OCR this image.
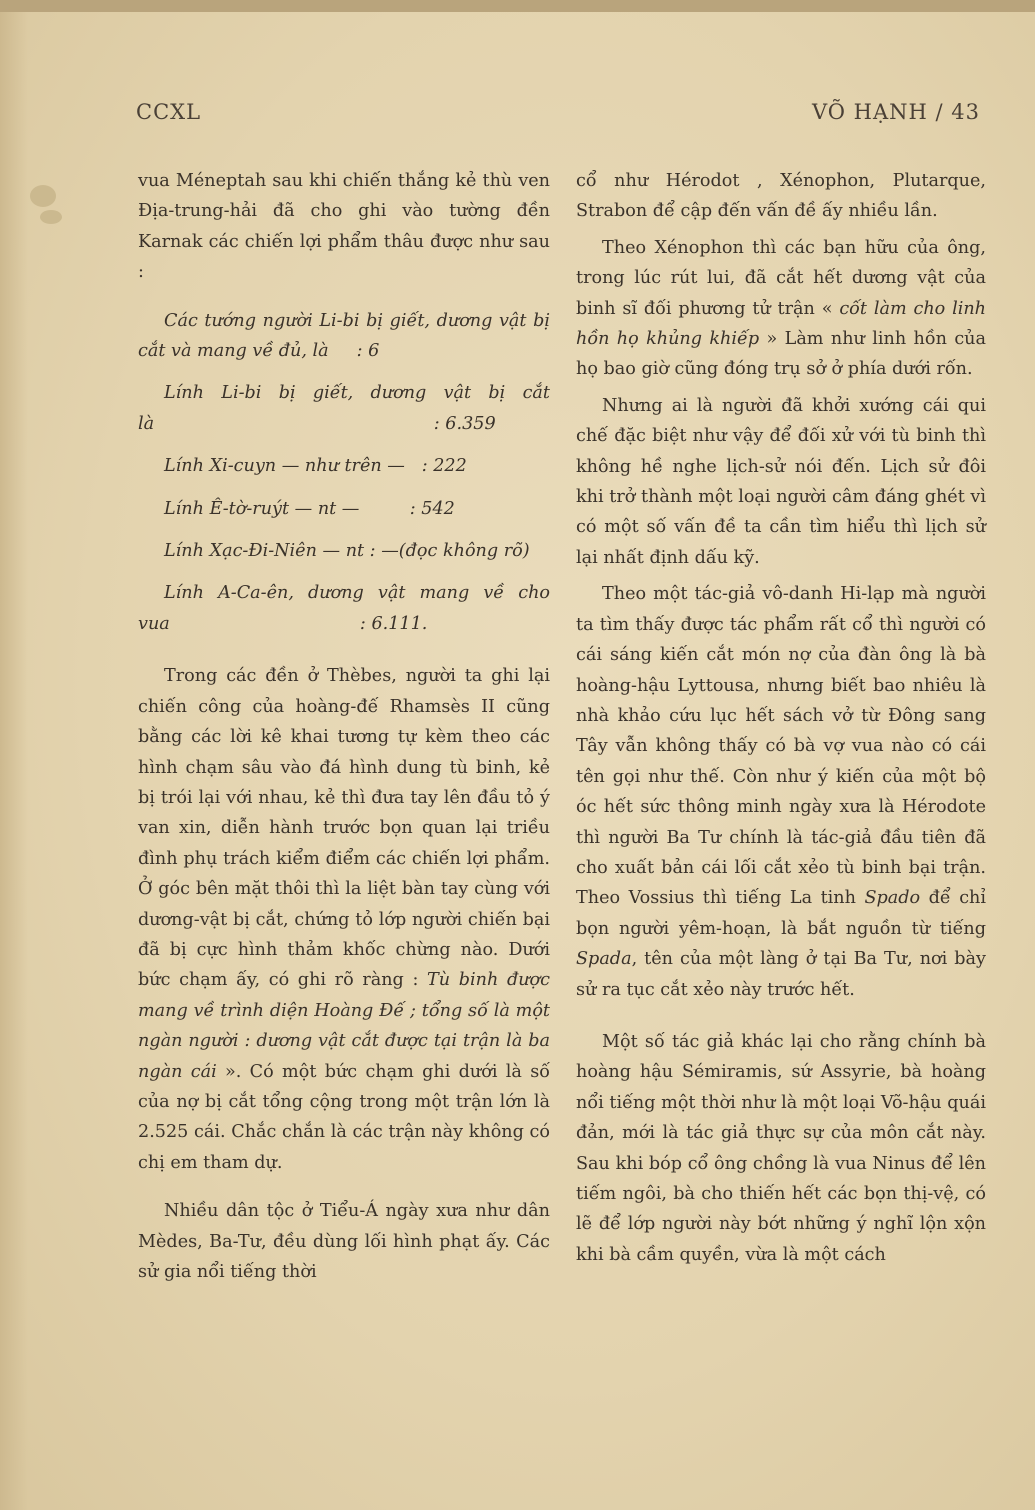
CCXL	VÕ HẠNH / 43

vua Méneptah sau khi chiến thắng kẻ thù ven Địa-trung-hải đã cho ghi vào tường đền Karnak các chiến lợi phẩm thâu được như sau :

Các tướng người Li-bi bị giết, dương vật bị cắt và mang về đủ, là : 6

Lính Li-bi bị giết, dương vật bị cắt là	: 6.359

Lính Xi-cuyn — như trên — : 222

Lính Ê-tờ-ruýt — nt —	: 542

Lính Xạc-Đi-Niên — nt : —(đọc không rõ)

Lính A-Ca-ên, dương vật mang về cho vua	: 6.111.

Trong các đền ở Thèbes, người ta ghi lại chiến công của hoàng-đế Rhamsès II cũng bằng các lời kê khai tương tự kèm theo các hình chạm sâu vào đá hình dung tù binh, kẻ bị trói lại với nhau, kẻ thì đưa tay lên đầu tỏ ý van xin, diễn hành trước bọn quan lại triều đình phụ trách kiểm điểm các chiến lợi phẩm. Ở góc bên mặt thôi thì la liệt bàn tay cùng với dương-vật bị cắt, chứng tỏ lớp người chiến bại đã bị cực hình thảm khốc chừng nào. Dưới bức chạm ấy, có ghi rõ ràng : Tù binh được mang về trình diện Hoàng Đế ; tổng số là một ngàn người : dương vật cắt được tại trận là ba ngàn cái ». Có một bức chạm ghi dưới là số của nợ bị cắt tổng cộng trong một trận lớn là 2.525 cái. Chắc chắn là các trận này không có chị em tham dự.

Nhiều dân tộc ở Tiểu-Á ngày xưa như dân Mèdes, Ba-Tư, đều dùng lối hình phạt ấy. Các sử gia nổi tiếng thời

cổ như Hérodot , Xénophon, Plutarque, Strabon để cập đến vấn đề ấy nhiều lần.

Theo Xénophon thì các bạn hữu của ông, trong lúc rút lui, đã cắt hết dương vật của binh sĩ đối phương tử trận « cốt làm cho linh hồn họ khủng khiếp » Làm như linh hồn của họ bao giờ cũng đóng trụ sở ở phía dưới rốn.

Nhưng ai là người đã khởi xướng cái qui chế đặc biệt như vậy để đối xử với tù binh thì không hề nghe lịch-sử nói đến. Lịch sử đôi khi trở thành một loại người câm đáng ghét vì có một số vấn đề ta cần tìm hiểu thì lịch sử lại nhất định dấu kỹ.

Theo một tác-giả vô-danh Hi-lạp mà người ta tìm thấy được tác phẩm rất cổ thì người có cái sáng kiến cắt món nợ của đàn ông là bà hoàng-hậu Lyttousa, nhưng biết bao nhiêu là nhà khảo cứu lục hết sách vở từ Đông sang Tây vẫn không thấy có bà vợ vua nào có cái tên gọi như thế. Còn như ý kiến của một bộ óc hết sức thông minh ngày xưa là Hérodote thì người Ba Tư chính là tác-giả đầu tiên đã cho xuất bản cái lối cắt xẻo tù binh bại trận. Theo Vossius thì tiếng La tinh Spado để chỉ bọn người yêm-hoạn, là bắt nguồn từ tiếng Spada, tên của một làng ở tại Ba Tư, nơi bày sử ra tục cắt xẻo này trước hết.

Một số tác giả khác lại cho rằng chính bà hoàng hậu Sémiramis, sứ Assyrie, bà hoàng nổi tiếng một thời như là một loại Võ-hậu quái đản, mới là tác giả thực sự của môn cắt này. Sau khi bóp cổ ông chồng là vua Ninus để lên tiếm ngôi, bà cho thiến hết các bọn thị-vệ, có lẽ để lớp người này bớt những ý nghĩ lộn xộn khi bà cầm quyền, vừa là một cách
